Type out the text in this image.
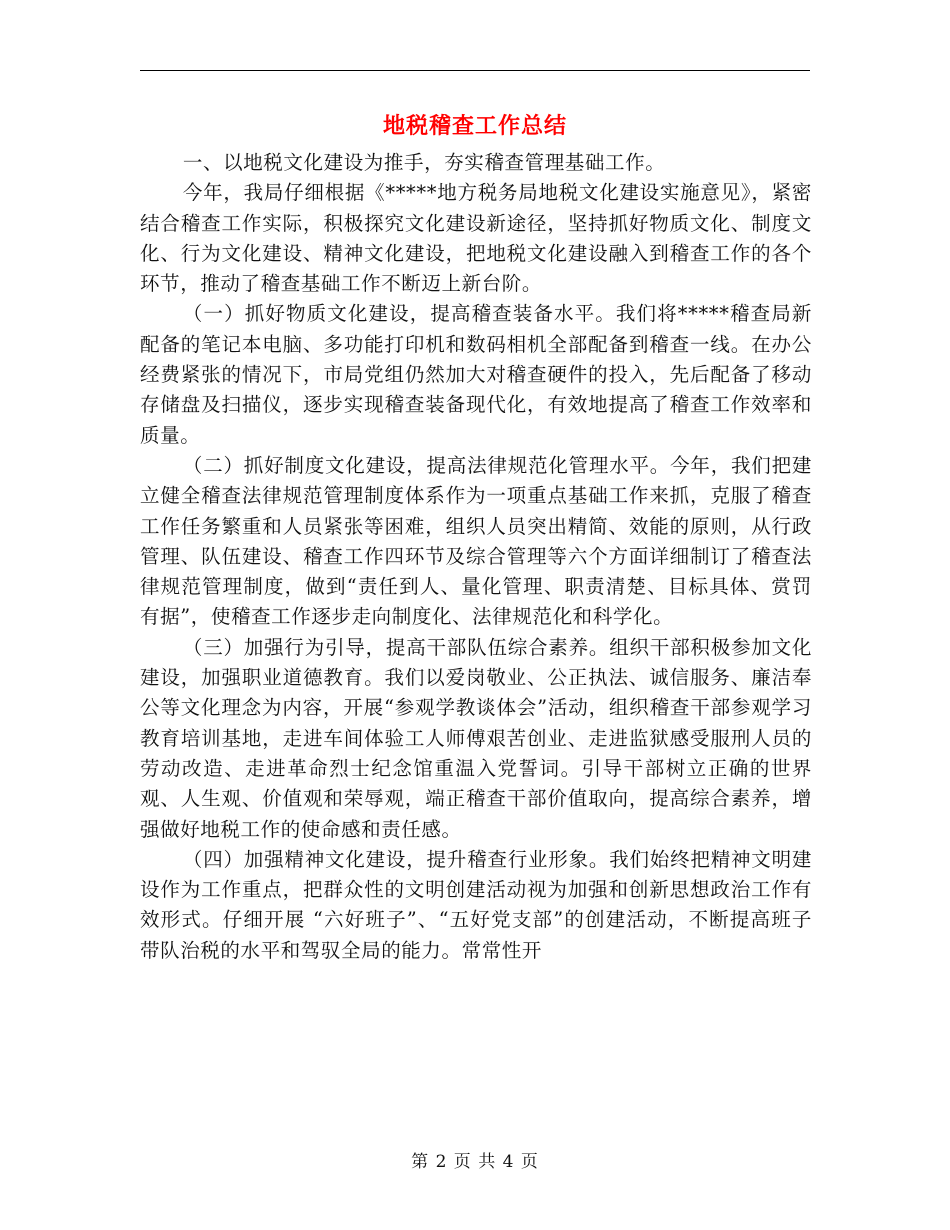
地税稽查工作总结

一、以地税文化建设为推手，夯实稽查管理基础工作。

今年，我局仔细根据《*****地方税务局地税文化建设实施意见》，紧密结合稽查工作实际，积极探究文化建设新途径，坚持抓好物质文化、制度文化、行为文化建设、精神文化建设，把地税文化建设融入到稽查工作的各个环节，推动了稽查基础工作不断迈上新台阶。

（一）抓好物质文化建设，提高稽查装备水平。我们将*****稽查局新配备的笔记本电脑、多功能打印机和数码相机全部配备到稽查一线。在办公经费紧张的情况下，市局党组仍然加大对稽查硬件的投入，先后配备了移动存储盘及扫描仪，逐步实现稽查装备现代化，有效地提高了稽查工作效率和质量。

（二）抓好制度文化建设，提高法律规范化管理水平。今年，我们把建立健全稽查法律规范管理制度体系作为一项重点基础工作来抓，克服了稽查工作任务繁重和人员紧张等困难，组织人员突出精简、效能的原则，从行政管理、队伍建设、稽查工作四环节及综合管理等六个方面详细制订了稽查法律规范管理制度，做到“责任到人、量化管理、职责清楚、目标具体、赏罚有据”，使稽查工作逐步走向制度化、法律规范化和科学化。

（三）加强行为引导，提高干部队伍综合素养。组织干部积极参加文化建设，加强职业道德教育。我们以爱岗敬业、公正执法、诚信服务、廉洁奉公等文化理念为内容，开展“参观学教谈体会”活动，组织稽查干部参观学习教育培训基地，走进车间体验工人师傅艰苦创业、走进监狱感受服刑人员的劳动改造、走进革命烈士纪念馆重温入党誓词。引导干部树立正确的世界观、人生观、价值观和荣辱观，端正稽查干部价值取向，提高综合素养，增强做好地税工作的使命感和责任感。

（四）加强精神文化建设，提升稽查行业形象。我们始终把精神文明建设作为工作重点，把群众性的文明创建活动视为加强和创新思想政治工作有效形式。仔细开展 “六好班子”、“五好党支部”的创建活动，不断提高班子带队治税的水平和驾驭全局的能力。常常性开

第 2 页 共 4 页
